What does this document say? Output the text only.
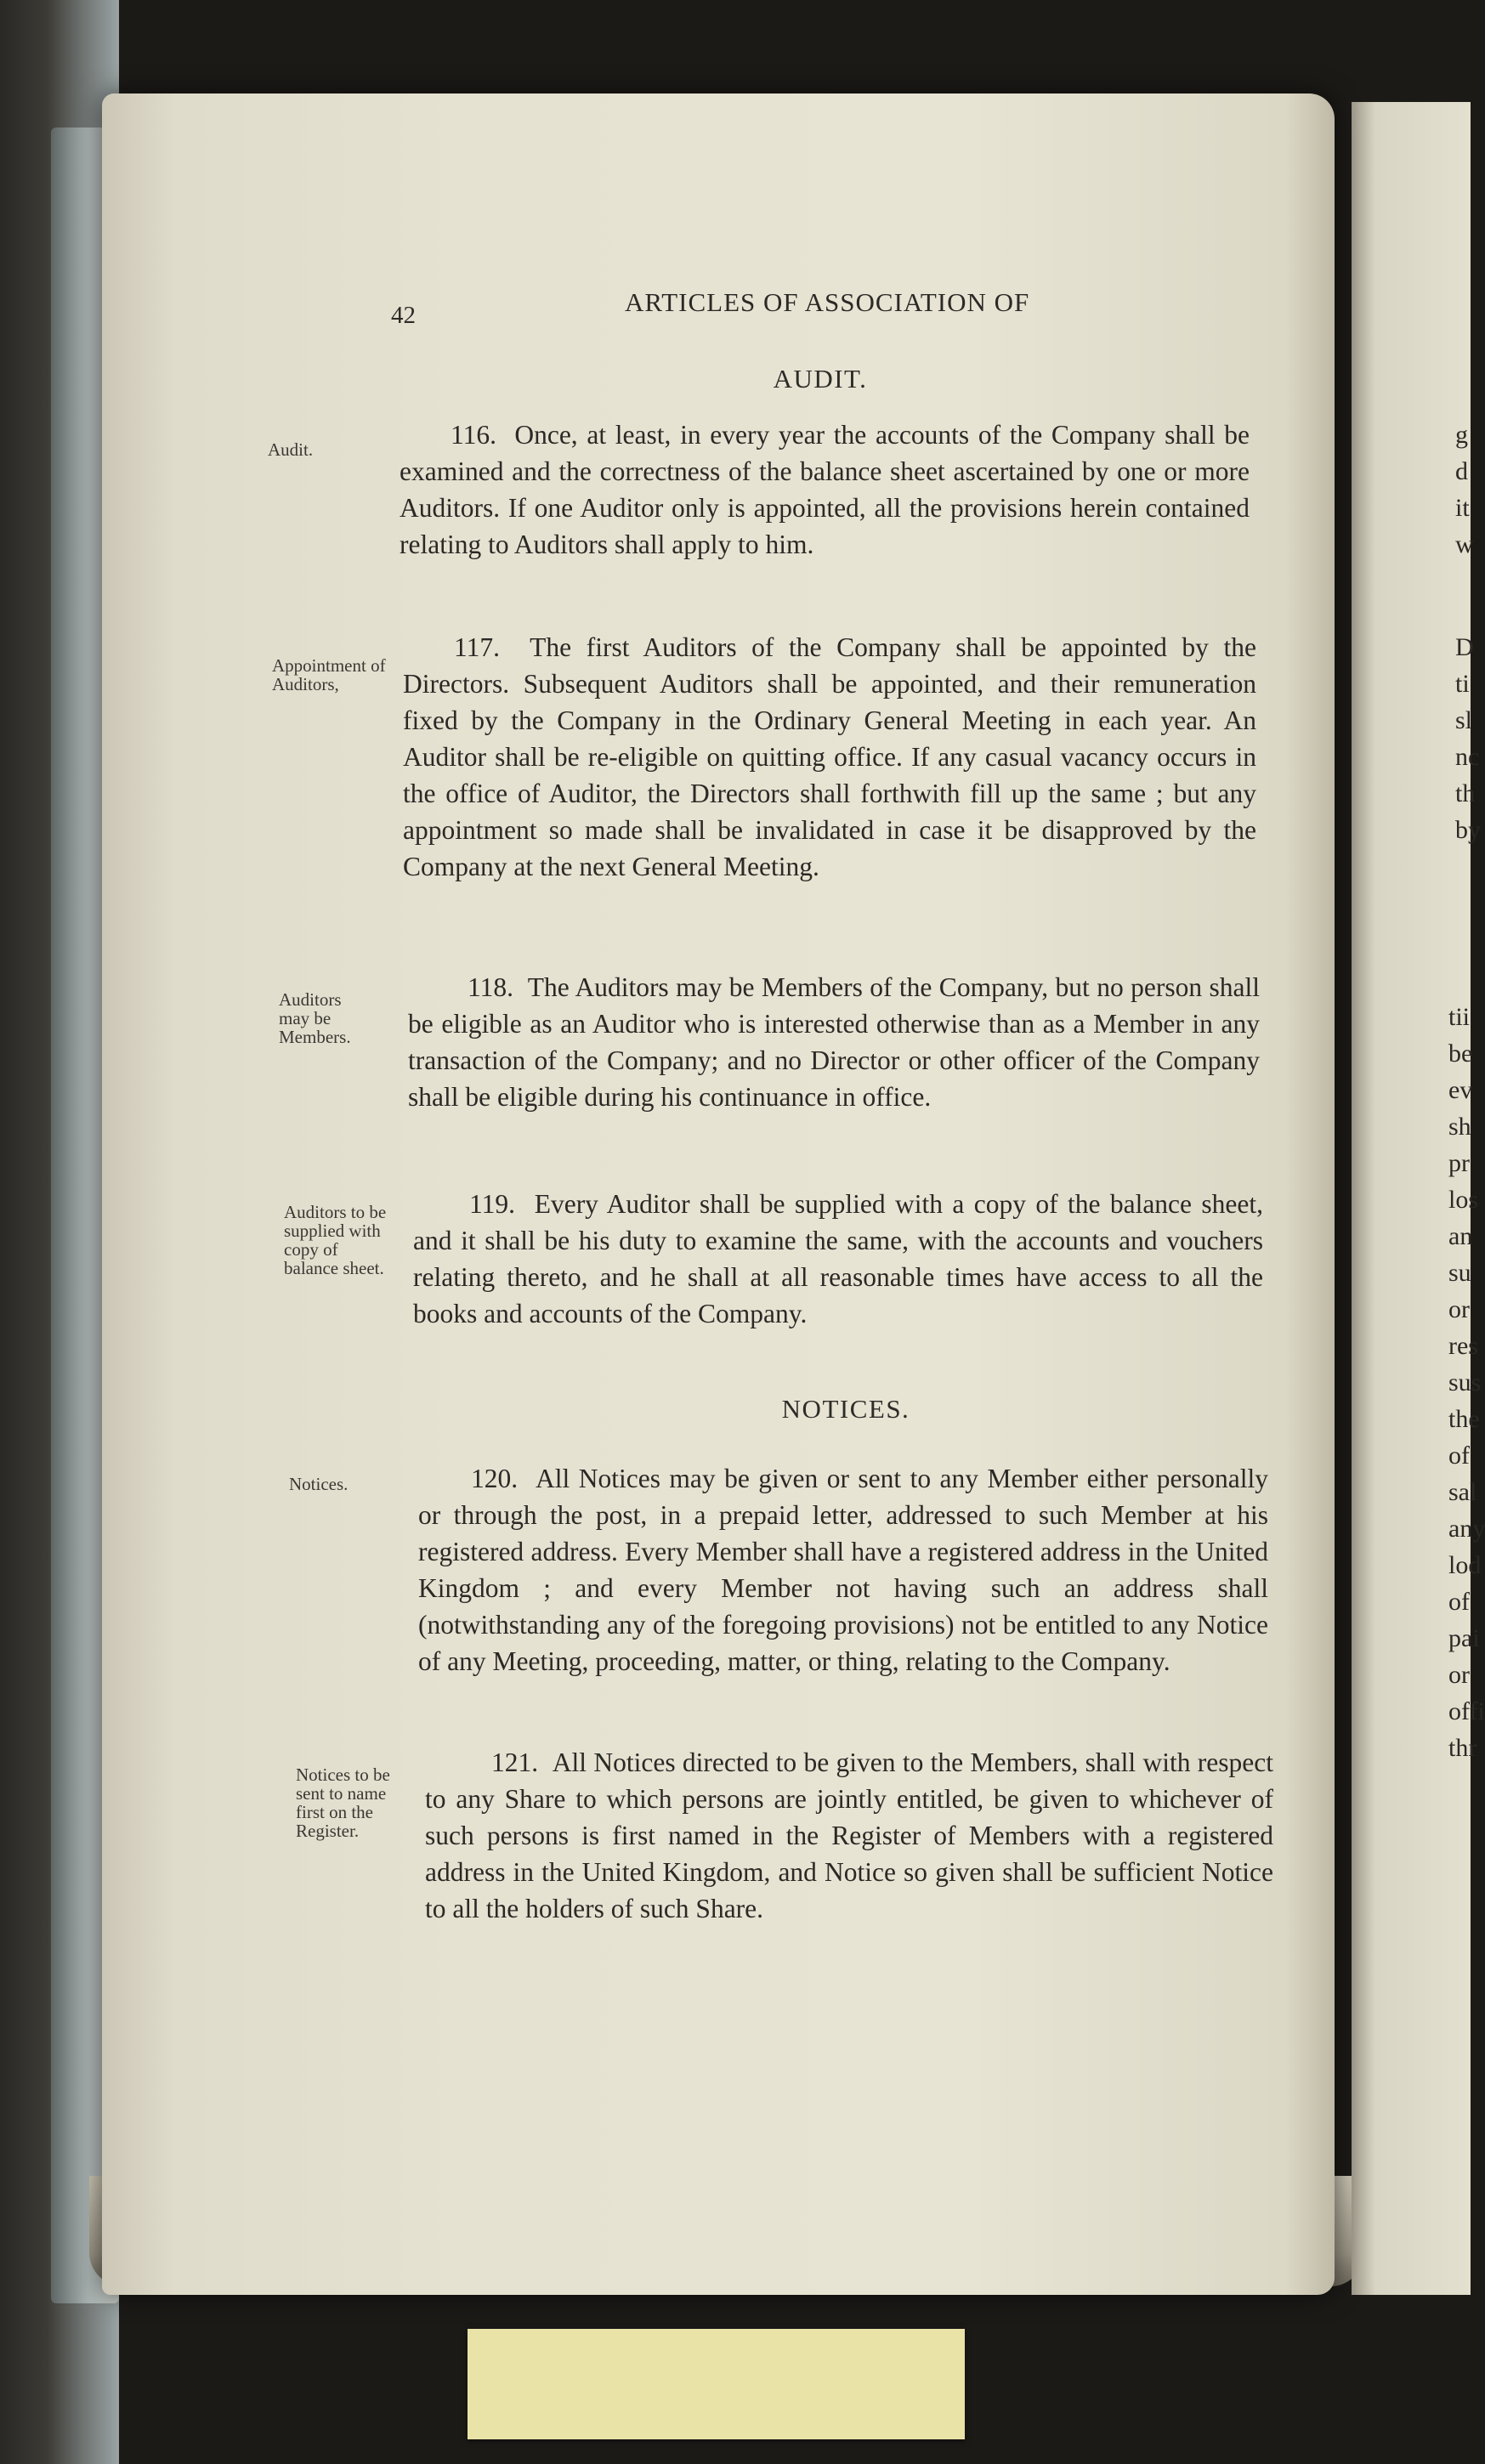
42	ARTICLES OF ASSOCIATION OF
AUDIT.
Audit.	116. Once, at least, in every year the accounts of the Company shall be examined and the correctness of the balance sheet ascertained by one or more Auditors. If one Auditor only is appointed, all the provisions herein contained relating to Auditors shall apply to him.
Appointment of Auditors,
117. The first Auditors of the Company shall be appointed by the Directors. Subsequent Auditors shall be appointed, and their remuneration fixed by the Company in the Ordinary General Meeting in each year. An Auditor shall be re-eligible on quitting office. If any casual vacancy occurs in the office of Auditor, the Directors shall forthwith fill up the same ; but any appointment so made shall be invalidated in case it be disapproved by the Company at the next General Meeting.
Auditors may be Members.
118. The Auditors may be Members of the Company, but no person shall be eligible as an Auditor who is interested otherwise than as a Member in any transaction of the Company; and no Director or other officer of the Company shall be eligible during his continuance in office.
Auditors to be supplied with copy of balance sheet.
119. Every Auditor shall be supplied with a copy of the balance sheet, and it shall be his duty to examine the same, with the accounts and vouchers relating thereto, and he shall at all reasonable times have access to all the books and accounts of the Company.
NOTICES.
Notices.	120. All Notices may be given or sent to any Member either personally or through the post, in a prepaid letter, addressed to such Member at his registered address. Every Member shall have a registered address in the United Kingdom ; and every Member not having such an address shall (notwithstanding any of the foregoing provisions) not be entitled to any Notice of any Meeting, proceeding, matter, or thing, relating to the Company.
Notices to be sent to name first on the Register.
121. All Notices directed to be given to the Members, shall with respect to any Share to which persons are jointly entitled, be given to whichever of such persons is first named in the Register of Members with a registered address in the United Kingdom, and Notice so given shall be sufficient Notice to all the holders of such Share.
g
d
it
w
D
ti
sl
nc
th
by
tii
be
ev
sh
pr
los
an
su
or
res
sus
the
of
sal
any
lod
of
pai
or
offi
thr
